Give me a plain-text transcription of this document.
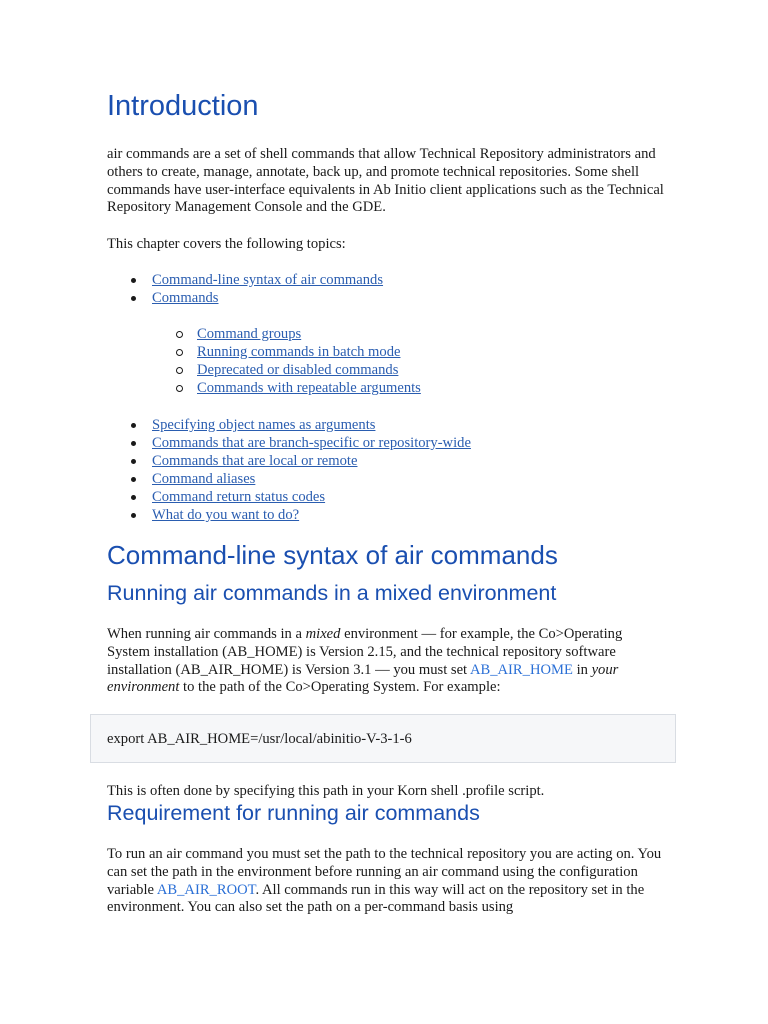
Introduction

air commands are a set of shell commands that allow Technical Repository administrators and others to create, manage, annotate, back up, and promote technical repositories. Some shell commands have user-interface equivalents in Ab Initio client applications such as the Technical Repository Management Console and the GDE.

This chapter covers the following topics:

Command-line syntax of air commands
Commands
Command groups
Running commands in batch mode
Deprecated or disabled commands
Commands with repeatable arguments
Specifying object names as arguments
Commands that are branch-specific or repository-wide
Commands that are local or remote
Command aliases
Command return status codes
What do you want to do?
Command-line syntax of air commands
Running air commands in a mixed environment

When running air commands in a mixed environment — for example, the Co>Operating System installation (AB_HOME) is Version 2.15, and the technical repository software installation (AB_AIR_HOME) is Version 3.1 — you must set AB_AIR_HOME in your environment to the path of the Co>Operating System. For example:

export AB_AIR_HOME=/usr/local/abinitio-V-3-1-6

This is often done by specifying this path in your Korn shell .profile script.

Requirement for running air commands

To run an air command you must set the path to the technical repository you are acting on. You can set the path in the environment before running an air command using the configuration variable AB_AIR_ROOT. All commands run in this way will act on the repository set in the environment. You can also set the path on a per-command basis using
